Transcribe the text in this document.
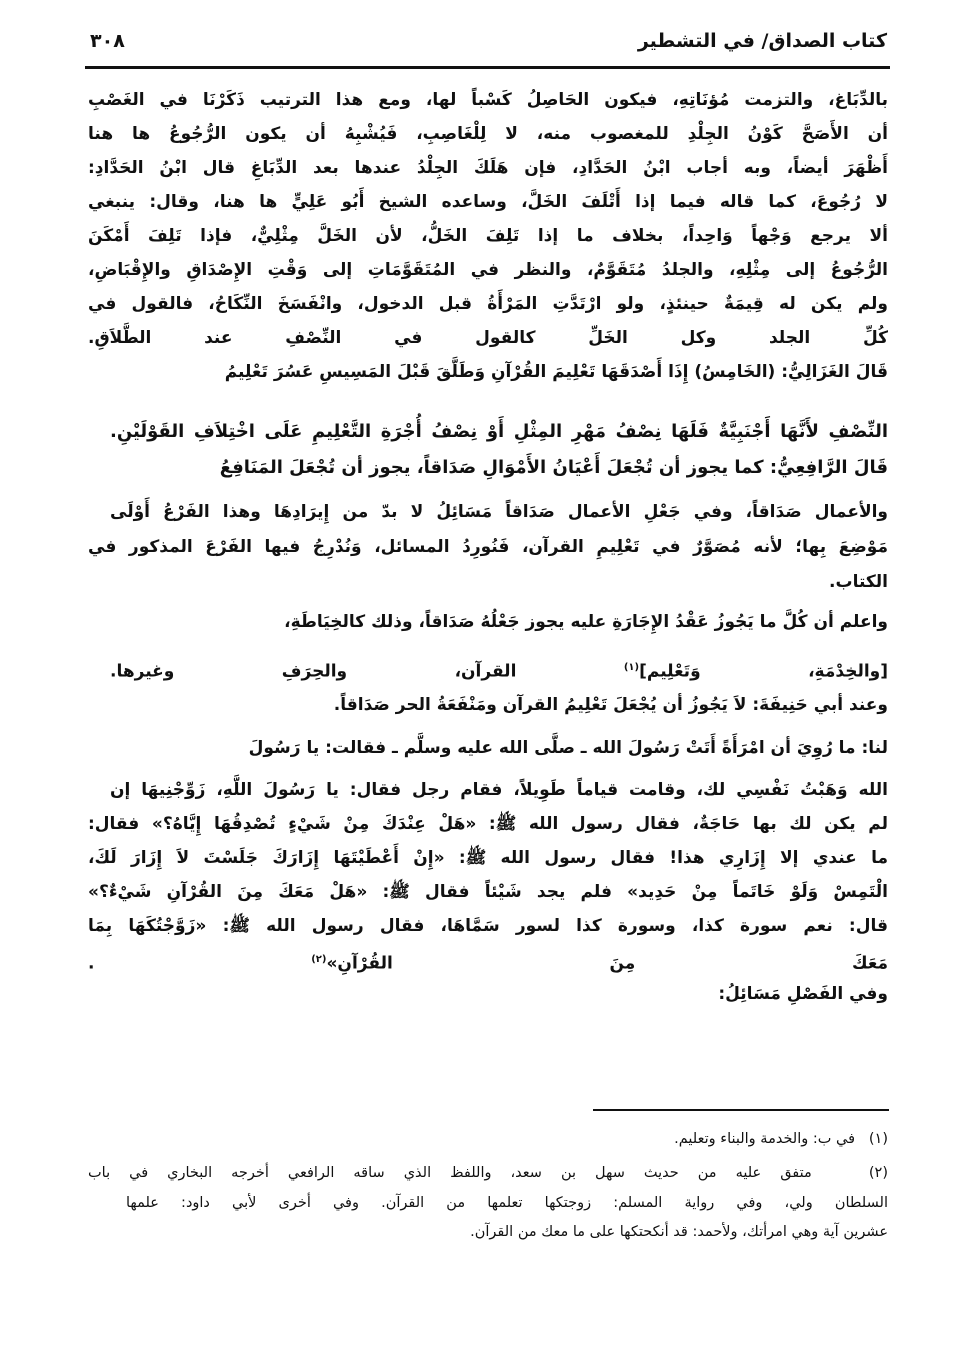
٣٠٨	كتاب الصداق/ في التشطير
بالدِّبَاغ، والتزمت مُؤنَاتِهِ، فيكون الحَاصِلُ كَسْباً لها، ومع هذا الترتيب ذَكَرْنَا في الغَصْبِ
أن الأَصَحَّ كَوْنُ الجِلْدِ للمغصوب منه، لا لِلْغَاصِبِ، فَيُشْبِهُ أن يكون الرُّجُوعُ ها هنا
أَظْهَرَ أيضاً، وبه أجاب ابْنُ الحَدَّادِ، فإن هَلَكَ الجِلْدُ عندها بعد الدِّبَاغِ قال ابْنُ الحَدَّادِ:
لا رُجُوعَ، كما قاله فيما إذا أَتْلَفَ الخَلَّ، وساعده الشيخ أَبُو عَلِيٍّ ها هنا، وقال: ينبغي
ألا يرجع وَجْهاً وَاحِداً، بخلاف ما إذا تَلِفَ الخَلُّ، لأن الخَلَّ مِثْلِيٌّ، فإذا تَلِفَ أَمْكَنَ
الرُّجُوعُ إلى مِثْلِهِ، والجلدُ مُتَقَوَّمٌ، والنظر في المُتَقَوَّمَاتِ إلى وَقْتِ الإِصْدَاقِ والإِقْبَاضِ،
ولم يكن له قِيمَةٌ حينئذٍ، ولو ارْتَدَّتِ المَرْأَةُ قبل الدخول، وانْفَسَخَ النِّكَاحُ، فالقول في
كُلِّ الجلد وكل الخَلِّ كالقول في النِّصْفِ عند الطَّلاَقِ.
قَالَ الغَزَالِيُّ: (الخَامِسُ) إِذَا أَصْدَقَهَا تَعْلِيمَ القُرْآنِ وَطَلَّقَ قَبْلَ المَسِيسِ عَسُرَ تَعْلِيمُ
النِّصْفِ لأَنَّهَا أَجْنَبِيَّةٌ فَلَهَا نِصْفُ مَهْرِ المِثْلِ أَوْ نِصْفُ أُجْرَةِ التَّعْلِيمِ عَلَى اخْتِلاَفِ القَوْلَيْنِ.
قَالَ الرَّافِعِيُّ: كما يجوز أن تُجْعَلَ أَعْيَانُ الأَمْوَالِ صَدَاقاً، يجوز أن تُجْعَلَ المَنَافِعُ
والأعمال صَدَاقاً، وفي جَعْلِ الأعمال صَدَاقاً مَسَائِلُ لا بدّ من إِيرَادِهَا وهذا الفَرْعُ أَوْلَى
مَوْضِعَ بِها؛ لأنه مُصَوَّرٌ في تَعْلِيمِ القرآن، فَنُورِدُ المسائل، وَنُدْرِجُ فيها الفَرْعَ المذكور في
الكتاب.
واعلم أن كُلَّ ما يَجُوزُ عَقْدُ الإِجَارَةِ عليه يجوز جَعْلُهُ صَدَاقاً، وذلك كالخِيَاطَةِ،
[والخِدْمَةِ، وَتَعْلِيم]$^{(١)}$ القرآن، والحِرَفِ وغيرها.
وعند أبي حَنِيفَةَ: لاَ يَجُوزُ أن يُجْعَلَ تَعْلِيمُ القرآن ومَنْفَعَةُ الحر صَدَاقاً.
لنا: ما رُوِيَ أن امْرَأَةً أَتَتْ رَسُولَ الله ـ صلَّى الله عليه وسلَّم ـ فقالت: يا رَسُولَ
الله وَهَبْتُ نَفْسِي لك، وقامت قياماً طَوِيلاً، فقام رجل فقال: يا رَسُولَ اللَّهِ، زَوِّجْنِيهَا إن
لم يكن لك بها حَاجَةٌ، فقال رسول الله ﷺ: «هَلْ عِنْدَكَ مِنْ شَيْءٍ تُصْدِقُهَا إِيَّاهُ؟» فقال:
ما عندي إلا إِزَارِي هذا! فقال رسول الله ﷺ: «إِنْ أَعْطَيْتَهَا إِزَارَكَ جَلَسْتَ لاَ إِزَارَ لَكَ،
الْتَمِسْ وَلَوْ خَاتَماً مِنْ حَدِيد» فلم يجد شَيْئاً فقال ﷺ: «هَلْ مَعَكَ مِنَ القُرْآنِ شَيْءٌ؟»
قال: نعم سورة كذا، وسورة كذا لسور سَمَّاهَا، فقال رسول الله ﷺ: «زَوَّجْتُكَهَا بِمَا
مَعَكَ مِنَ القُرْآنِ»$^{(٢)}$ .
وفي الفَصْلِ مَسَائِلُ:
(١)   في ب: والخدمة والبناء وتعليم.
(٢)   متفق عليه من حديث سهل بن سعد، واللفظ الذي ساقه الرافعي أخرجه البخاري في باب
السلطان ولي، وفي رواية المسلم: زوجتكها تعلمها من القرآن. وفي أخرى لأبي داود: علمها
عشرين آية وهي امرأتك، ولأحمد: قد أنكحتكها على ما معك من القرآن.
